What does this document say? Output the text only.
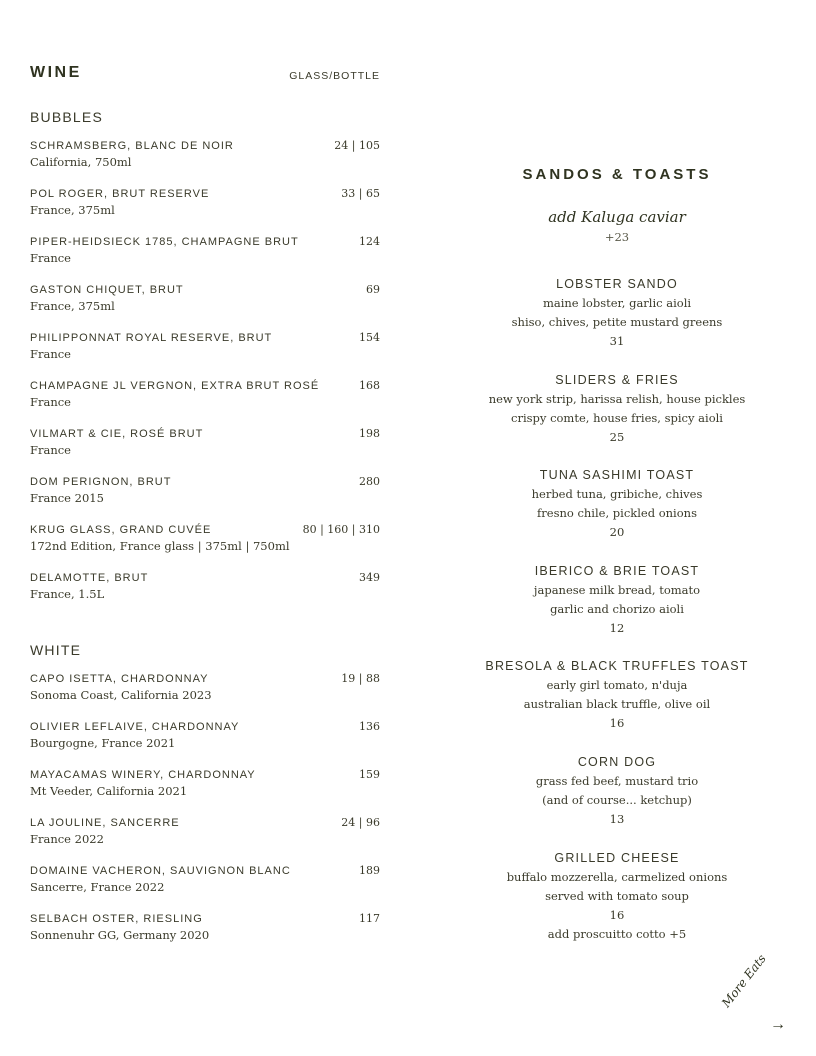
WINE	GLASS/BOTTLE
BUBBLES
SCHRAMSBERG, BLANC DE NOIR	24 | 105
California, 750ml
POL ROGER, BRUT RESERVE	33 | 65
France, 375ml
PIPER-HEIDSIECK 1785, CHAMPAGNE BRUT	124
France
GASTON CHIQUET, BRUT	69
France, 375ml
PHILIPPONNAT ROYAL RESERVE, BRUT	154
France
CHAMPAGNE JL VERGNON, EXTRA BRUT ROSÉ	168
France
VILMART & CIE, ROSÉ BRUT	198
France
DOM PERIGNON, BRUT	280
France 2015
KRUG GLASS, GRAND CUVÉE	80 | 160 | 310
172nd Edition, France glass | 375ml | 750ml
DELAMOTTE, BRUT	349
France, 1.5L
WHITE
CAPO ISETTA, CHARDONNAY	19 | 88
Sonoma Coast, California 2023
OLIVIER LEFLAIVE, CHARDONNAY	136
Bourgogne, France 2021
MAYACAMAS WINERY, CHARDONNAY	159
Mt Veeder, California 2021
LA JOULINE, SANCERRE	24 | 96
France 2022
DOMAINE VACHERON, SAUVIGNON BLANC	189
Sancerre, France 2022
SELBACH OSTER, RIESLING	117
Sonnenuhr GG, Germany 2020
SANDOS & TOASTS
add Kaluga caviar
+23
LOBSTER SANDO
maine lobster, garlic aioli
shiso, chives, petite mustard greens
31
SLIDERS & FRIES
new york strip, harissa relish, house pickles
crispy comte, house fries, spicy aioli
25
TUNA SASHIMI TOAST
herbed tuna, gribiche, chives
fresno chile, pickled onions
20
IBERICO & BRIE TOAST
japanese milk bread, tomato
garlic and chorizo aioli
12
BRESOLA & BLACK TRUFFLES TOAST
early girl tomato, n'duja
australian black truffle, olive oil
16
CORN DOG
grass fed beef, mustard trio
(and of course... ketchup)
13
GRILLED CHEESE
buffalo mozzerella, carmelized onions
served with tomato soup
16
add proscuitto cotto +5
More Eats
→
